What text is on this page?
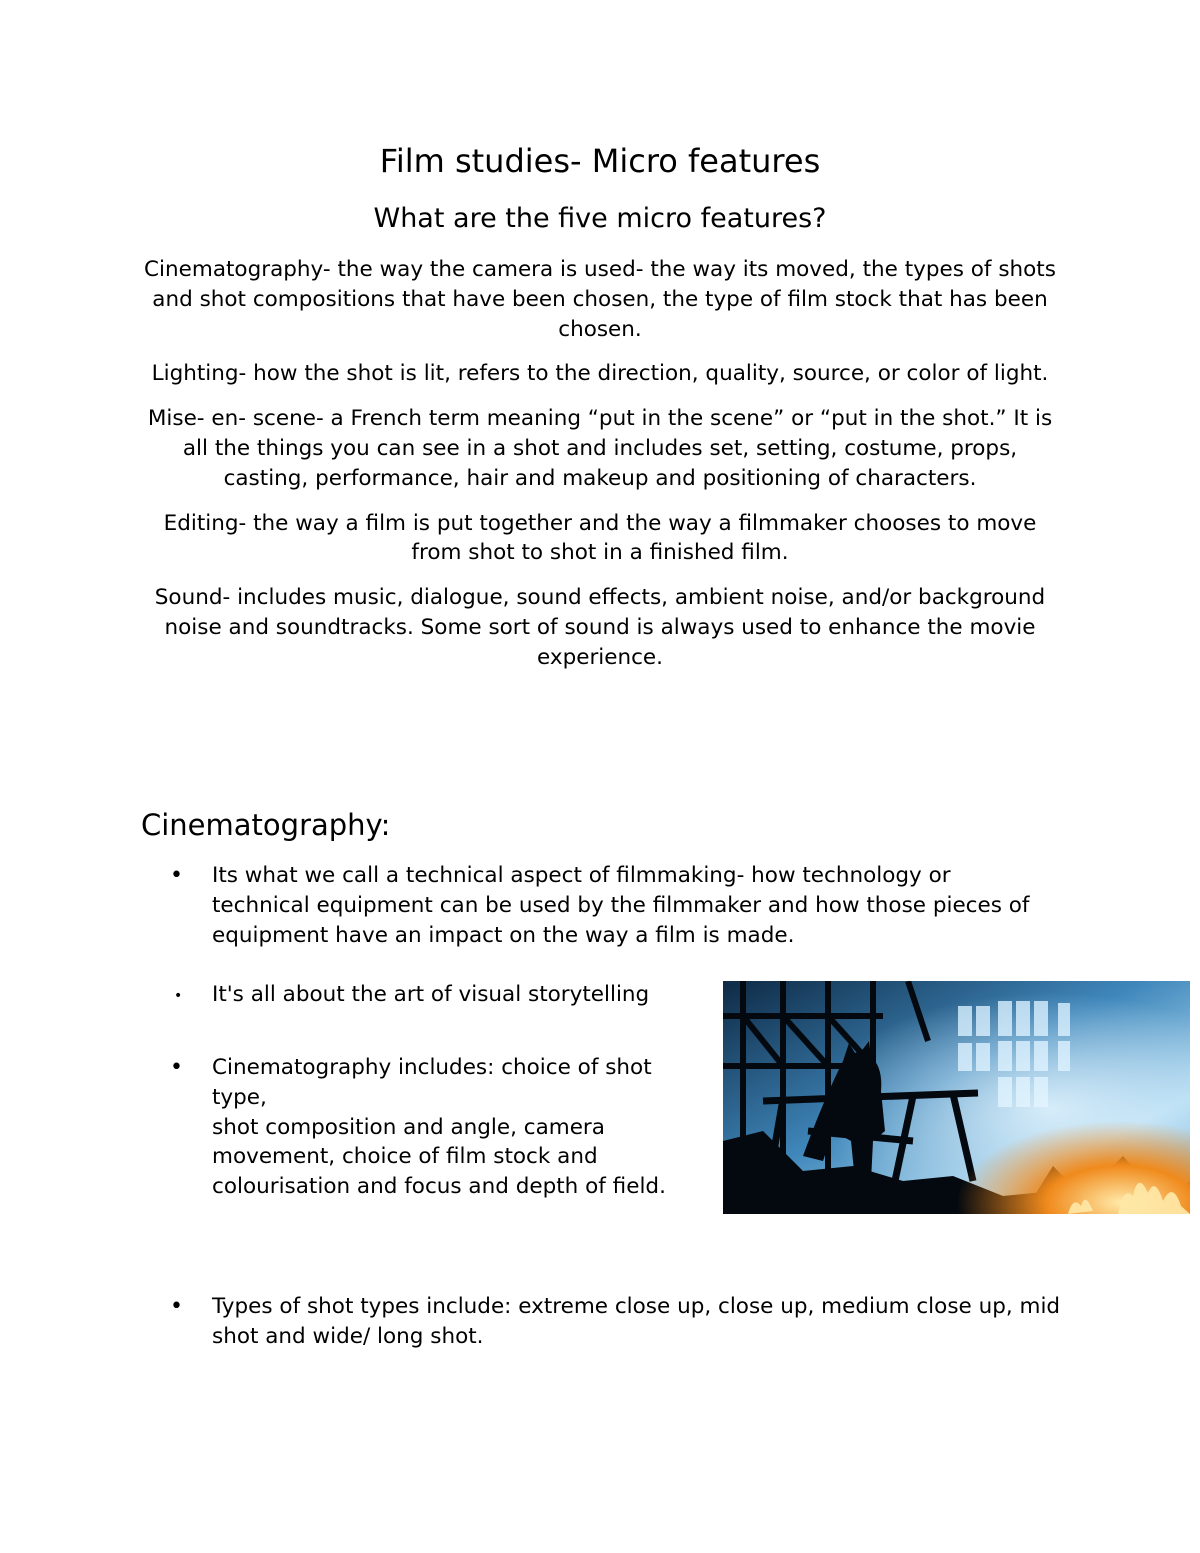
Film studies- Micro features
What are the five micro features?

Cinematography- the way the camera is used- the way its moved, the types of shots and shot compositions that have been chosen, the type of film stock that has been chosen.

Lighting- how the shot is lit, refers to the direction, quality, source, or color of light.

Mise- en- scene- a French term meaning “put in the scene” or “put in the shot.” It is all the things you can see in a shot and includes set, setting, costume, props, casting, performance, hair and makeup and positioning of characters.

Editing- the way a film is put together and the way a filmmaker chooses to move from shot to shot in a finished film.

Sound- includes music, dialogue, sound effects, ambient noise, and/or background noise and soundtracks. Some sort of sound is always used to enhance the movie experience.

Cinematography:
•	Its what we call a technical aspect of filmmaking- how technology or technical equipment can be used by the filmmaker and how those pieces of equipment have an impact on the way a film is made.
•	It's all about the art of visual storytelling
•	Cinematography includes: choice of shot type,
shot composition and angle, camera movement, choice of film stock and colourisation and focus and depth of field.
•	Types of shot types include: extreme close up, close up, medium close up, mid shot and wide/ long shot.
